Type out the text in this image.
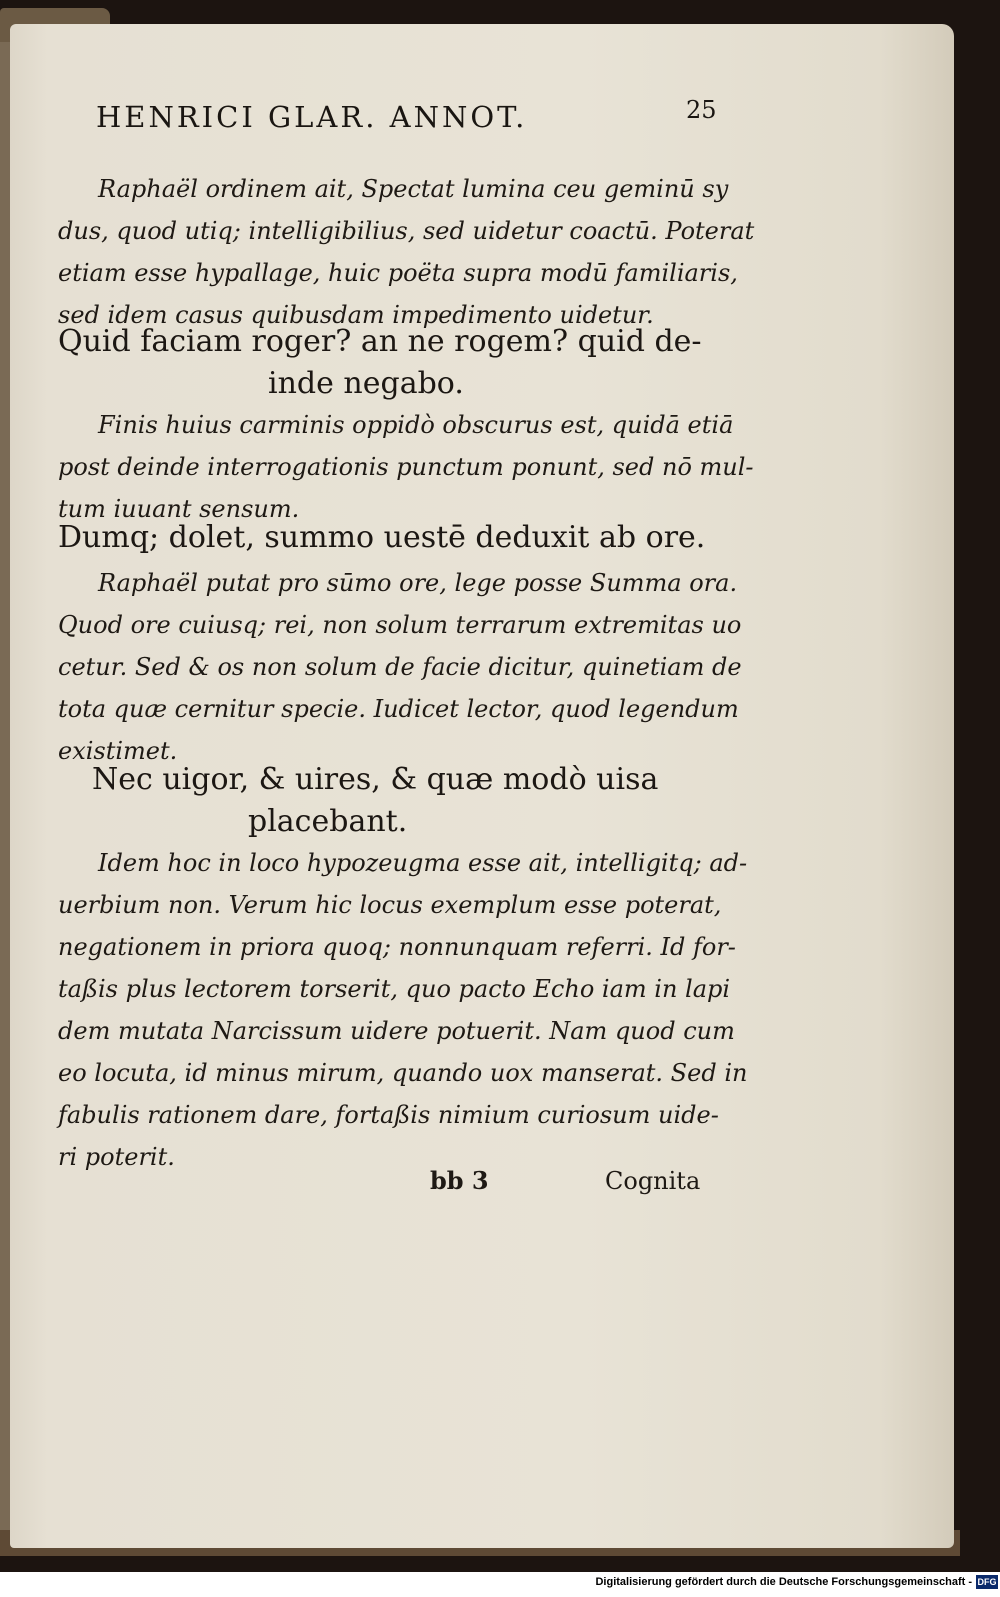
HENRICI GLAR. ANNOT.	25
Raphaël ordinem ait, Spectat lumina ceu geminū sy
dus, quod utiq; intelligibilius, sed uidetur coactū. Poterat
etiam esse hypallage, huic poëta supra modū familiaris,
sed idem casus quibusdam impedimento uidetur.
Quid faciam roger? an ne rogem? quid de-
inde negabo.
Finis huius carminis oppidò obscurus est, quidā etiā
post deinde interrogationis punctum ponunt, sed nō mul-
tum iuuant sensum.
Dumq; dolet, summo uestē deduxit ab ore.
Raphaël putat pro sūmo ore, lege posse Summa ora.
Quod ore cuiusq; rei, non solum terrarum extremitas uo
cetur. Sed & os non solum de facie dicitur, quinetiam de
tota quæ cernitur specie. Iudicet lector, quod legendum
existimet.
Nec uigor, & uires, & quæ modò uisa
placebant.
Idem hoc in loco hypozeugma esse ait, intelligitq; ad-
uerbium non. Verum hic locus exemplum esse poterat,
negationem in priora quoq; nonnunquam referri. Id for-
taßis plus lectorem torserit, quo pacto Echo iam in lapi
dem mutata Narcissum uidere potuerit. Nam quod cum
eo locuta, id minus mirum, quando uox manserat. Sed in
fabulis rationem dare, fortaßis nimium curiosum uide-
ri poterit.
bb 3	Cognita
Digitalisierung gefördert durch die Deutsche Forschungsgemeinschaft - DFG
